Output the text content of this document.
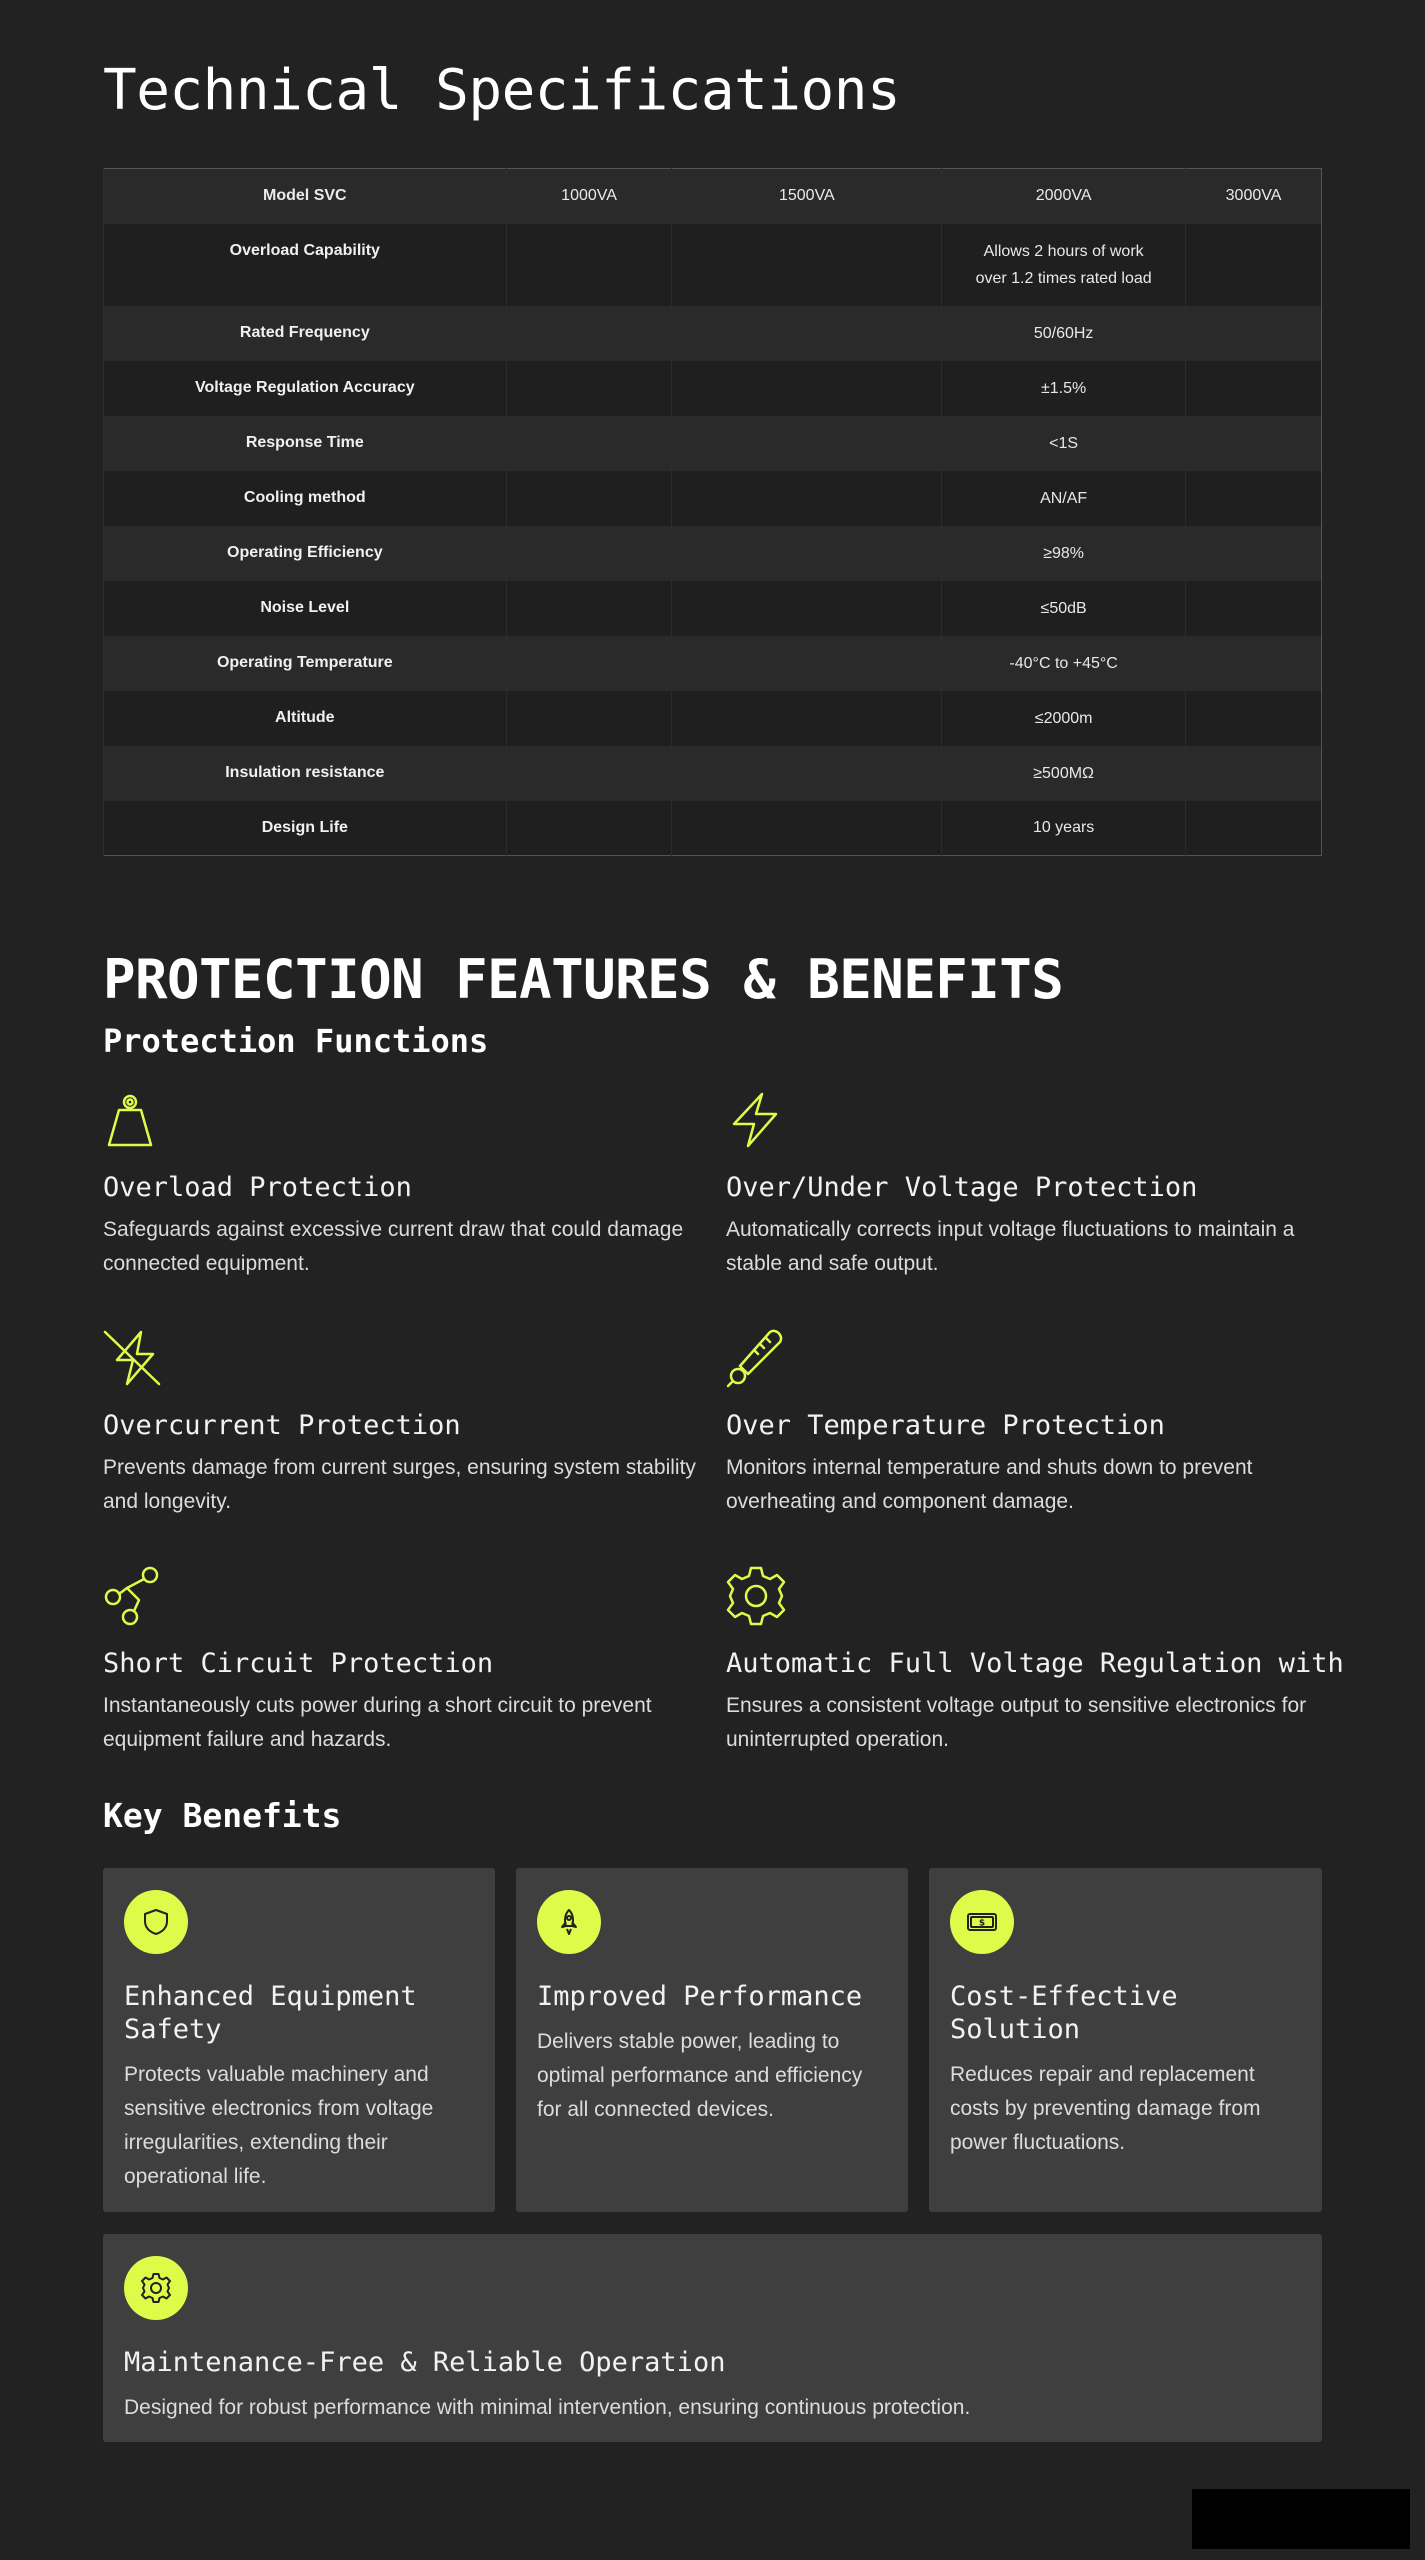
Technical Specifications
Model SVC	1000VA	1500VA	2000VA	3000VA
Overload Capability			Allows 2 hours of work over 1.2 times rated load	
Rated Frequency			50/60Hz	
Voltage Regulation Accuracy			±1.5%	
Response Time			<1S	
Cooling method			AN/AF	
Operating Efficiency			≥98%	
Noise Level			≤50dB	
Operating Temperature			-40°C to +45°C	
Altitude			≤2000m	
Insulation resistance			≥500MΩ	
Design Life			10 years	
PROTECTION FEATURES & BENEFITS
Protection Functions
Overload Protection

Safeguards against excessive current draw that could damage connected equipment.

Over/Under Voltage Protection

Automatically corrects input voltage fluctuations to maintain a stable and safe output.

Overcurrent Protection

Prevents damage from current surges, ensuring system stability and longevity.

Over Temperature Protection

Monitors internal temperature and shuts down to prevent overheating and component damage.

Short Circuit Protection

Instantaneously cuts power during a short circuit to prevent equipment failure and hazards.

Automatic Full Voltage Regulation with

Ensures a consistent voltage output to sensitive electronics for uninterrupted operation.

Key Benefits
Enhanced Equipment Safety

Protects valuable machinery and sensitive electronics from voltage irregularities, extending their operational life.

Improved Performance

Delivers stable power, leading to optimal performance and efficiency for all connected devices.

$
Cost-Effective Solution

Reduces repair and replacement costs by preventing damage from power fluctuations.

Maintenance-Free & Reliable Operation

Designed for robust performance with minimal intervention, ensuring continuous protection.
